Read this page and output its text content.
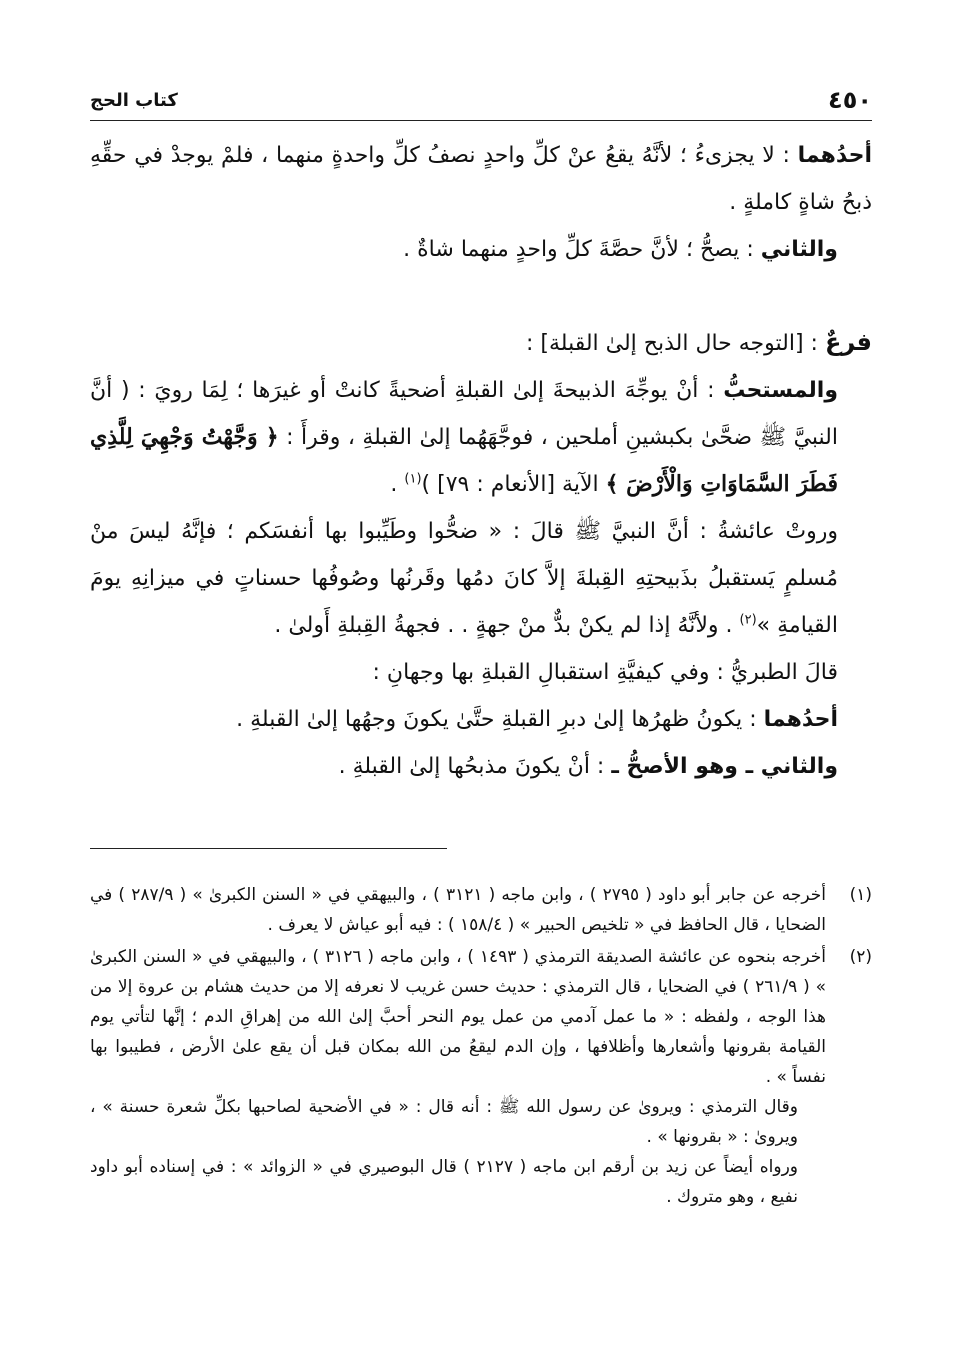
٤٥٠
كتاب الحج

أحدُهما : لا يجزىءُ ؛ لأنَّهُ يقعُ عنْ كلِّ واحدٍ نصفُ كلِّ واحدةٍ منهما ، فلمْ يوجدْ في حقِّهِ ذبحُ شاةٍ كاملةٍ .

والثاني : يصحُّ ؛ لأنَّ حصَّةَ كلِّ واحدٍ منهما شاةٌ .

فرعٌ : [التوجه حال الذبح إلىٰ القبلة] :

والمستحبُّ : أنْ يوجِّهَ الذبيحةَ إلىٰ القبلةِ أضحيةً كانتْ أو غيرَها ؛ لِمَا رويَ : ( أنَّ النبيَّ ﷺ ضحَّىٰ بكبشينِ أملحين ، فوجَّهَهُما إلىٰ القبلةِ ، وقرأَ : ﴿ وَجَّهْتُ وَجْهِيَ لِلَّذِي فَطَرَ السَّمَاوَاتِ وَالْأَرْضَ ﴾ الآية [الأنعام : ٧٩] )$^{(١)}$ .

وروتْ عائشةُ : أنَّ النبيَّ ﷺ قالَ : « ضحُّوا وطَيِّبوا بها أنفسَكم ؛ فإنَّهُ ليسَ منْ مُسلمٍ يَستقبلُ بذَبيحتِهِ القِبلةَ إلاَّ كانَ دمُها وقَرنُها وصُوفُها حسناتٍ في ميزانِهِ يومَ القيامةِ »$^{(٢)}$ . ولأنَّهُ إذا لم يكنْ بدٌّ منْ جهةٍ . . فجهةُ القِبلةِ أَولىٰ .

قالَ الطبريُّ : وفي كيفيَّةِ استقبالِ القبلةِ بها وجهانِ :

أحدُهما : يكونُ ظهرُها إلىٰ دبرِ القبلةِ حتَّىٰ يكونَ وجهُها إلىٰ القبلةِ .

والثاني ـ وهو الأصحُّ ـ : أنْ يكونَ مذبحُها إلىٰ القبلةِ .

(١)

أخرجه عن جابر أبو داود ( ٢٧٩٥ ) ، وابن ماجه ( ٣١٢١ ) ، والبيهقي في « السنن الكبرىٰ » ( ٢٨٧/٩ ) في الضحايا ، قال الحافظ في « تلخيص الحبير » ( ١٥٨/٤ ) : فيه أبو عياش لا يعرف .

(٢)

أخرجه بنحوه عن عائشة الصديقة الترمذي ( ١٤٩٣ ) ، وابن ماجه ( ٣١٢٦ ) ، والبيهقي في « السنن الكبرىٰ » ( ٢٦١/٩ ) في الضحايا ، قال الترمذي : حديث حسن غريب لا نعرفه إلا من حديث هشام بن عروة إلا من هذا الوجه ، ولفظه : « ما عمل آدمي من عمل يوم النحر أحبَّ إلىٰ الله من إهراقِ الدم ؛ إنَّها لتأتي يوم القيامة بقرونها وأشعارها وأظلافها ، وإن الدم ليقعُ من الله بمكان قبل أن يقع علىٰ الأرض ، فطيبوا بها نفساً » .

وقال الترمذي : ويروىٰ عن رسول الله ﷺ : أنه قال : « في الأضحية لصاحبها بكلِّ شعرة حسنة » ، ويروىٰ : « بقرونها » .

ورواه أيضاً عن زيد بن أرقم ابن ماجه ( ٢١٢٧ ) قال البوصيري في « الزوائد » : في إسناده أبو داود نفيع ، وهو متروك .
